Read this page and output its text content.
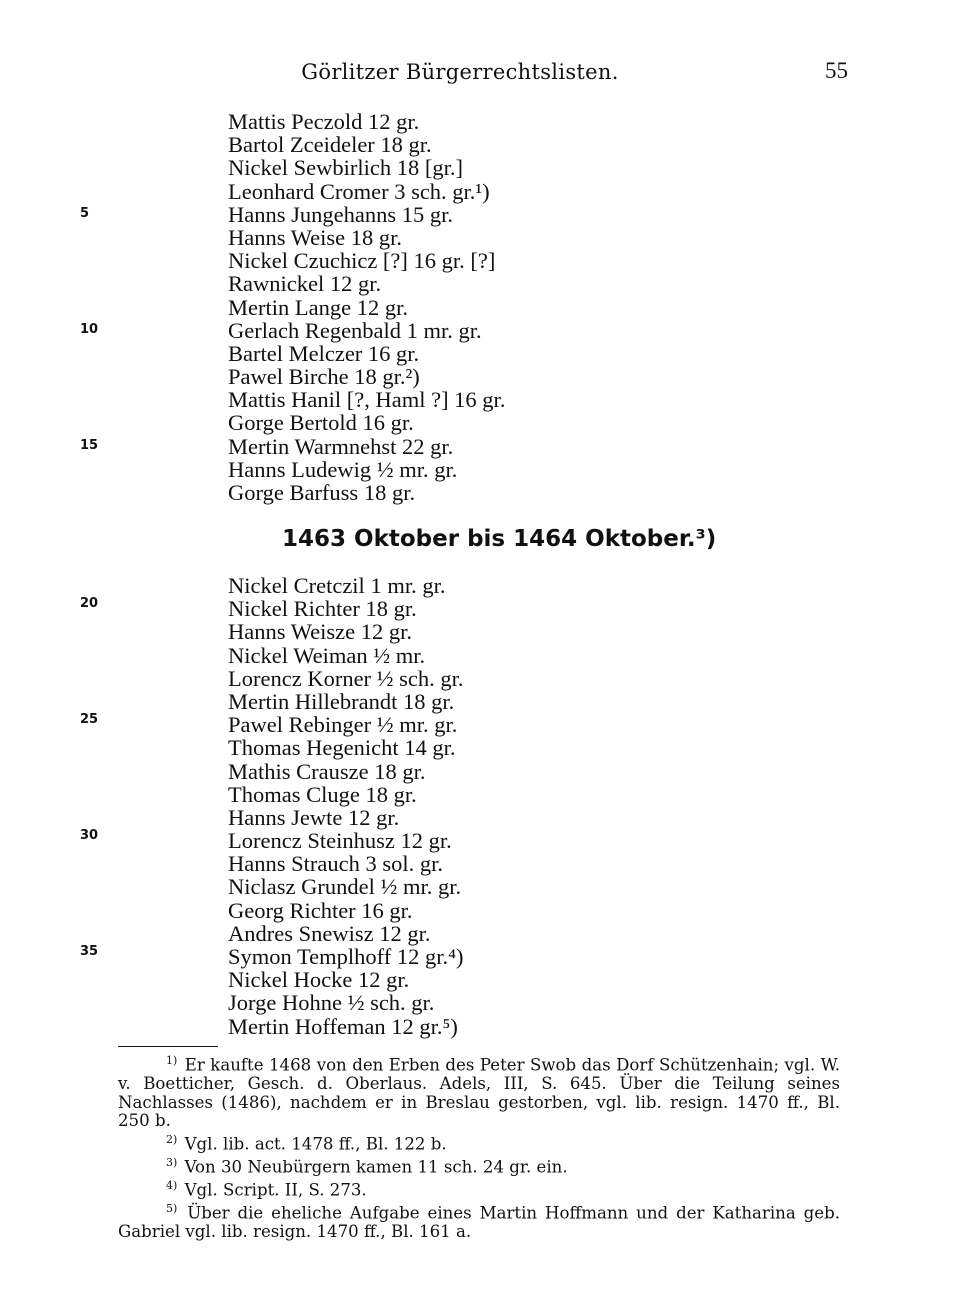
Görlitzer Bürgerrechtslisten.	55
Mattis Peczold 12 gr.
Bartol Zceideler 18 gr.
Nickel Sewbirlich 18 [gr.]
Leonhard Cromer 3 sch. gr.¹)
Hanns Jungehanns 15 gr.
Hanns Weise 18 gr.
Nickel Czuchicz [?] 16 gr. [?]
Rawnickel 12 gr.
Mertin Lange 12 gr.
Gerlach Regenbald 1 mr. gr.
Bartel Melczer 16 gr.
Pawel Birche 18 gr.²)
Mattis Hanil [?, Haml ?] 16 gr.
Gorge Bertold 16 gr.
Mertin Warmnehst 22 gr.
Hanns Ludewig ½ mr. gr.
Gorge Barfuss 18 gr.
1463 Oktober bis 1464 Oktober.³)
Nickel Cretczil 1 mr. gr.
Nickel Richter 18 gr.
Hanns Weisze 12 gr.
Nickel Weiman ½ mr.
Lorencz Korner ½ sch. gr.
Mertin Hillebrandt 18 gr.
Pawel Rebinger ½ mr. gr.
Thomas Hegenicht 14 gr.
Mathis Crausze 18 gr.
Thomas Cluge 18 gr.
Hanns Jewte 12 gr.
Lorencz Steinhusz 12 gr.
Hanns Strauch 3 sol. gr.
Niclasz Grundel ½ mr. gr.
Georg Richter 16 gr.
Andres Snewisz 12 gr.
Symon Templhoff 12 gr.⁴)
Nickel Hocke 12 gr.
Jorge Hohne ½ sch. gr.
Mertin Hoffeman 12 gr.⁵)
5
10
15
20
25
30
35

$^{1)}$ Er kaufte 1468 von den Erben des Peter Swob das Dorf Schützenhain; vgl. W. v. Boetticher, Gesch. d. Oberlaus. Adels, III, S. 645. Über die Teilung seines Nachlasses (1486), nachdem er in Breslau gestorben, vgl. lib. resign. 1470 ff., Bl. 250 b.

$^{2)}$ Vgl. lib. act. 1478 ff., Bl. 122 b.

$^{3)}$ Von 30 Neubürgern kamen 11 sch. 24 gr. ein.

$^{4)}$ Vgl. Script. II, S. 273.

$^{5)}$ Über die eheliche Aufgabe eines Martin Hoffmann und der Katharina geb. Gabriel vgl. lib. resign. 1470 ff., Bl. 161 a.
